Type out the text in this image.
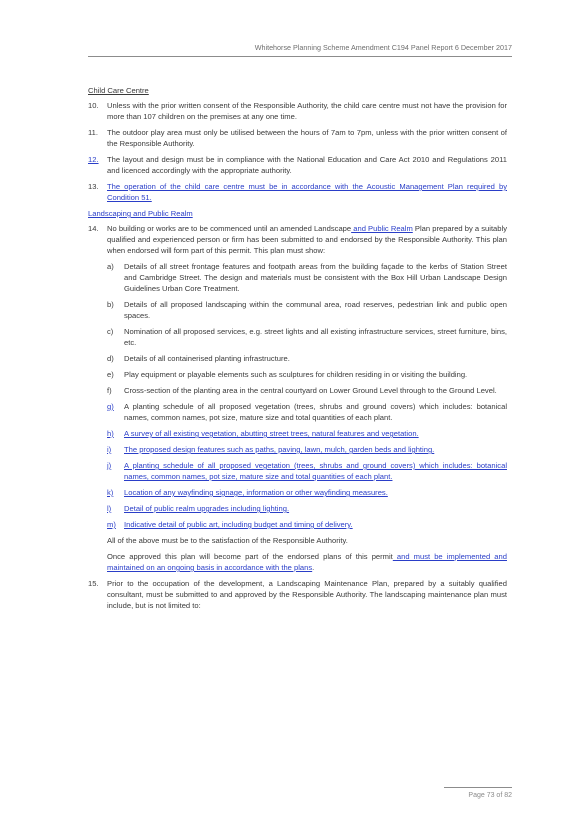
Whitehorse Planning Scheme Amendment C194 Panel Report 6 December 2017
Child Care Centre
10.	Unless with the prior written consent of the Responsible Authority, the child care centre must not have the provision for more than 107 children on the premises at any one time.
11.	The outdoor play area must only be utilised between the hours of 7am to 7pm, unless with the prior written consent of the Responsible Authority.
12.	The layout and design must be in compliance with the National Education and Care Act 2010 and Regulations 2011 and licenced accordingly with the appropriate authority.
13.	The operation of the child care centre must be in accordance with the Acoustic Management Plan required by Condition 51.
Landscaping and Public Realm
14.	No building or works are to be commenced until an amended Landscape and Public Realm Plan prepared by a suitably qualified and experienced person or firm has been submitted to and endorsed by the Responsible Authority. This plan when endorsed will form part of this permit. This plan must show:
a)	Details of all street frontage features and footpath areas from the building façade to the kerbs of Station Street and Cambridge Street. The design and materials must be consistent with the Box Hill Urban Landscape Design Guidelines Urban Core Treatment.
b)	Details of all proposed landscaping within the communal area, road reserves, pedestrian link and public open spaces.
c)	Nomination of all proposed services, e.g. street lights and all existing infrastructure services, street furniture, bins, etc.
d)	Details of all containerised planting infrastructure.
e)	Play equipment or playable elements such as sculptures for children residing in or visiting the building.
f)	Cross-section of the planting area in the central courtyard on Lower Ground Level through to the Ground Level.
g)	A planting schedule of all proposed vegetation (trees, shrubs and ground covers) which includes: botanical names, common names, pot size, mature size and total quantities of each plant.
h)	A survey of all existing vegetation, abutting street trees, natural features and vegetation.
i)	The proposed design features such as paths, paving, lawn, mulch, garden beds and lighting.
j)	A planting schedule of all proposed vegetation (trees, shrubs and ground covers) which includes: botanical names, common names, pot size, mature size and total quantities of each plant.
k)	Location of any wayfinding signage, information or other wayfinding measures.
l)	Detail of public realm upgrades including lighting.
m)	Indicative detail of public art, including budget and timing of delivery.
All of the above must be to the satisfaction of the Responsible Authority.
Once approved this plan will become part of the endorsed plans of this permit and must be implemented and maintained on an ongoing basis in accordance with the plans.
15.	Prior to the occupation of the development, a Landscaping Maintenance Plan, prepared by a suitably qualified consultant, must be submitted to and approved by the Responsible Authority. The landscaping maintenance plan must include, but is not limited to:
Page 73 of 82
